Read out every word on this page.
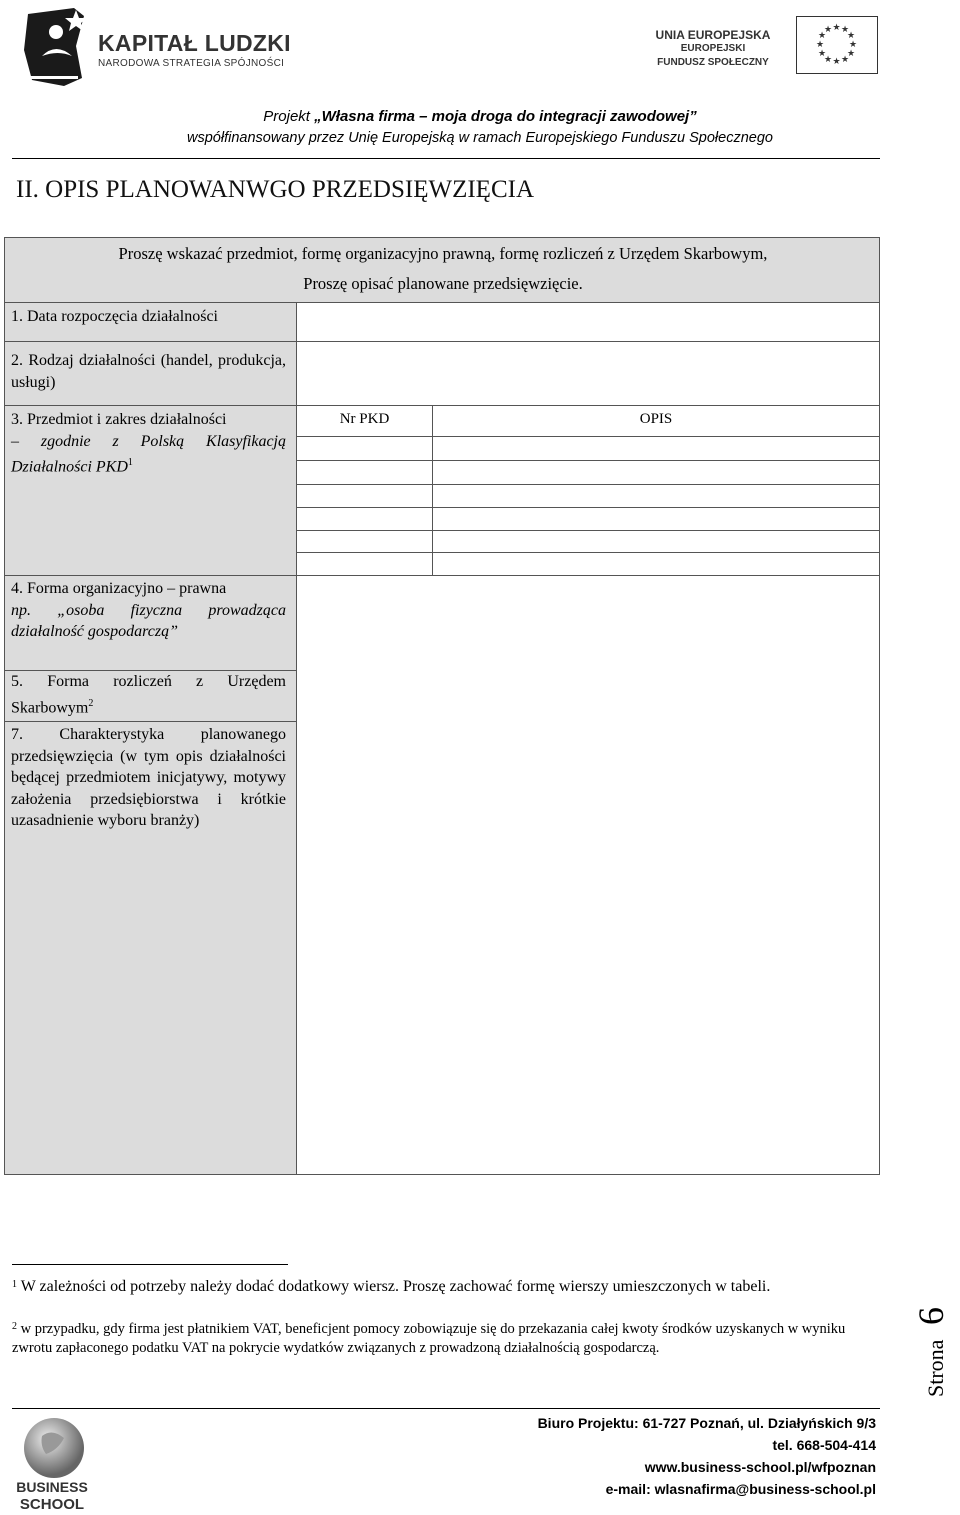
KAPITAŁ LUDZKI
NARODOWA STRATEGIA SPÓJNOŚCI
UNIA EUROPEJSKA
EUROPEJSKI
FUNDUSZ SPOŁECZNY
★ ★
★
★
★
★
★
★
★
★
★
★
Projekt „Własna firma – moja droga do integracji zawodowej”
współfinansowany przez Unię Europejską w ramach Europejskiego Funduszu Społecznego
II. OPIS PLANOWANWGO PRZEDSIĘWZIĘCIA
Proszę wskazać przedmiot, formę organizacyjno prawną, formę rozliczeń z Urzędem Skarbowym,
Proszę opisać planowane przedsięwzięcie.
1. Data rozpoczęcia działalności
2. Rodzaj działalności (handel, produkcja, usługi)
3. Przedmiot i zakres działalności
– zgodnie z Polską Klasyfikacją Działalności PKD$^1$
Nr PKD	OPIS
4. Forma organizacyjno – prawna
np. „osoba fizyczna prowadząca działalność gospodarczą”
5. Forma rozliczeń z Urzędem Skarbowym$^2$
7. Charakterystyka planowanego przedsięwzięcia (w tym opis działalności będącej przedmiotem inicjatywy, motywy założenia przedsiębiorstwa i krótkie uzasadnienie wyboru branży)
$^1$ W zależności od potrzeby należy dodać dodatkowy wiersz. Proszę zachować formę wierszy umieszczonych w tabeli.
$^2$ w przypadku, gdy firma jest płatnikiem VAT, beneficjent pomocy zobowiązuje się do przekazania całej kwoty środków uzyskanych w wyniku zwrotu zapłaconego podatku VAT na pokrycie wydatków związanych z prowadzoną działalnością gospodarczą.	Strona
6
BUSINESS
SCHOOL
Biuro Projektu: 61-727 Poznań, ul. Działyńskich 9/3
tel. 668-504-414
www.business-school.pl/wfpoznan
e-mail: wlasnafirma@business-school.pl
